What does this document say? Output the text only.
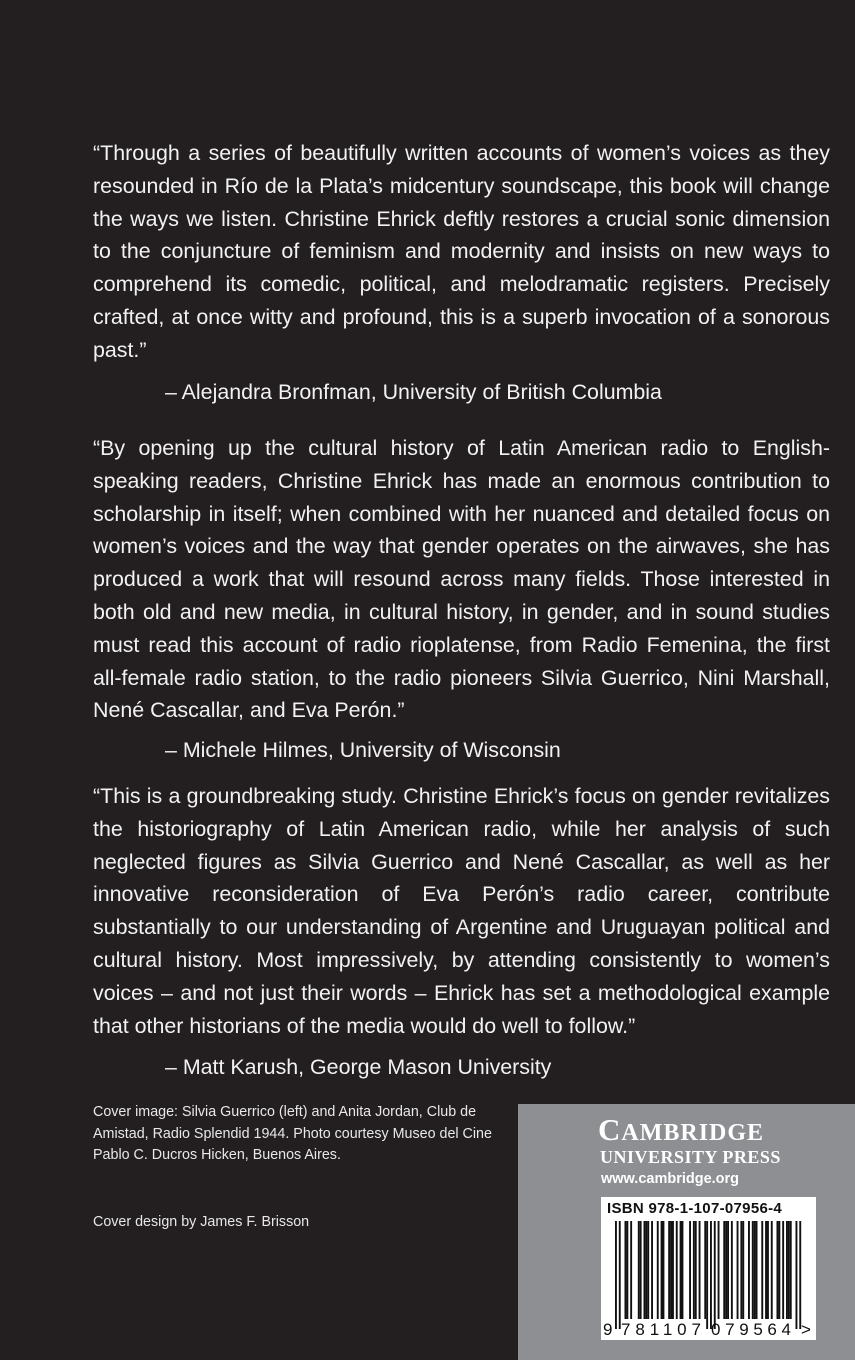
“Through a series of beautifully written accounts of women’s voices as they resounded in Río de la Plata’s midcentury soundscape, this book will change the ways we listen. Christine Ehrick deftly restores a crucial sonic dimension to the conjuncture of feminism and modernity and insists on new ways to comprehend its comedic, political, and melodramatic registers. Precisely crafted, at once witty and profound, this is a superb invocation of a sonorous past.”

– Alejandra Bronfman, University of British Columbia

“By opening up the cultural history of Latin American radio to English-speaking readers, Christine Ehrick has made an enormous contribution to scholarship in itself; when combined with her nuanced and detailed focus on women’s voices and the way that gender operates on the airwaves, she has produced a work that will resound across many fields. Those interested in both old and new media, in cultural history, in gender, and in sound studies must read this account of radio rioplatense, from Radio Femenina, the first all-female radio station, to the radio pioneers Silvia Guerrico, Nini Marshall, Nené Cascallar, and Eva Perón.”

– Michele Hilmes, University of Wisconsin

“This is a groundbreaking study. Christine Ehrick’s focus on gender revitalizes the historiography of Latin American radio, while her analysis of such neglected figures as Silvia Guerrico and Nené Cascallar, as well as her innovative reconsideration of Eva Perón’s radio career, contribute substantially to our understanding of Argentine and Uruguayan political and cultural history. Most impressively, by attending consistently to women’s voices – and not just their words – Ehrick has set a methodological example that other historians of the media would do well to follow.”

– Matt Karush, George Mason University

Cover image: Silvia Guerrico (left) and Anita Jordan, Club de Amistad, Radio Splendid 1944. Photo courtesy Museo del Cine Pablo C. Ducros Hicken, Buenos Aires.

Cover design by James F. Brisson

CAMBRIDGE

UNIVERSITY PRESS

www.cambridge.org

ISBN 978-1-107-07956-4

9 781107 079564 >
